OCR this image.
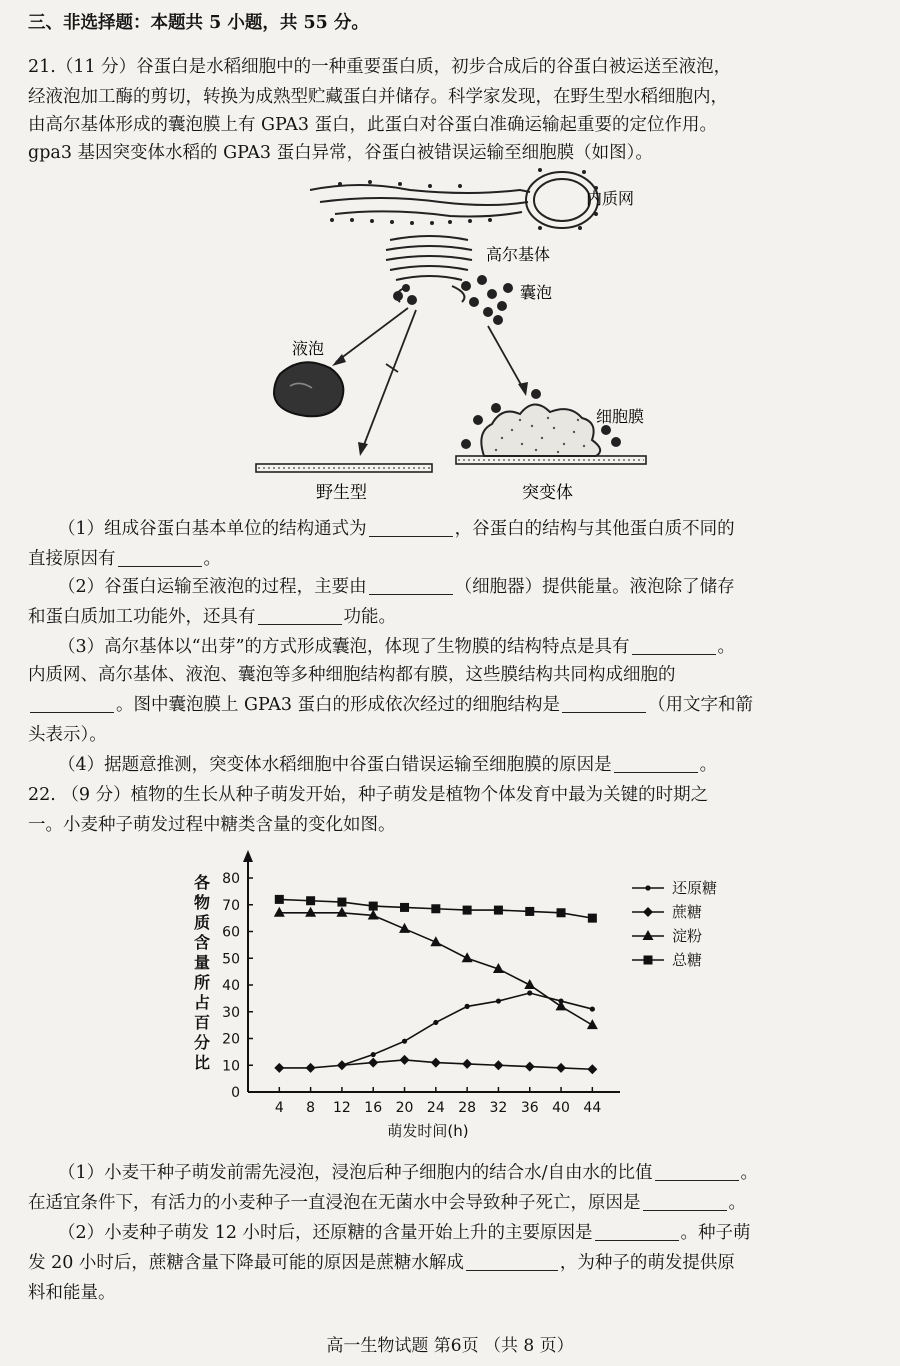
三、非选择题：本题共 5 小题，共 55 分。
21.（11 分）谷蛋白是水稻细胞中的一种重要蛋白质，初步合成后的谷蛋白被运送至液泡，
经液泡加工酶的剪切，转换为成熟型贮藏蛋白并储存。科学家发现，在野生型水稻细胞内，
由高尔基体形成的囊泡膜上有 GPA3 蛋白，此蛋白对谷蛋白准确运输起重要的定位作用。
gpa3 基因突变体水稻的 GPA3 蛋白异常，谷蛋白被错误运输至细胞膜（如图）。
内质网
高尔基体
囊泡
液泡
野生型
细胞膜
突变体
（1）组成谷蛋白基本单位的结构通式为	，谷蛋白的结构与其他蛋白质不同的
直接原因有	。
（2）谷蛋白运输至液泡的过程，主要由	（细胞器）提供能量。液泡除了储存
和蛋白质加工功能外，还具有	功能。
（3）高尔基体以“出芽”的方式形成囊泡，体现了生物膜的结构特点是具有	。
内质网、高尔基体、液泡、囊泡等多种细胞结构都有膜，这些膜结构共同构成细胞的
。图中囊泡膜上 GPA3 蛋白的形成依次经过的细胞结构是	（用文字和箭
头表示）。
（4）据题意推测，突变体水稻细胞中谷蛋白错误运输至细胞膜的原因是	。
22. （9 分）植物的生长从种子萌发开始，种子萌发是植物个体发育中最为关键的时期之
一。小麦种子萌发过程中糖类含量的变化如图。
0
10
20
30
40
50
60
70
80
4 8 12 16 20 24 28 32 36 40 44
萌发时间(h)
各
物
质
含
量
所
占
百
分
比
还原糖
蔗糖
淀粉
总糖
（1）小麦干种子萌发前需先浸泡，浸泡后种子细胞内的结合水/自由水的比值	。
在适宜条件下，有活力的小麦种子一直浸泡在无菌水中会导致种子死亡，原因是	。
（2）小麦种子萌发 12 小时后，还原糖的含量开始上升的主要原因是	。种子萌
发 20 小时后，蔗糖含量下降最可能的原因是蔗糖水解成	，为种子的萌发提供原
料和能量。
高一生物试题 第6页 （共 8 页）
